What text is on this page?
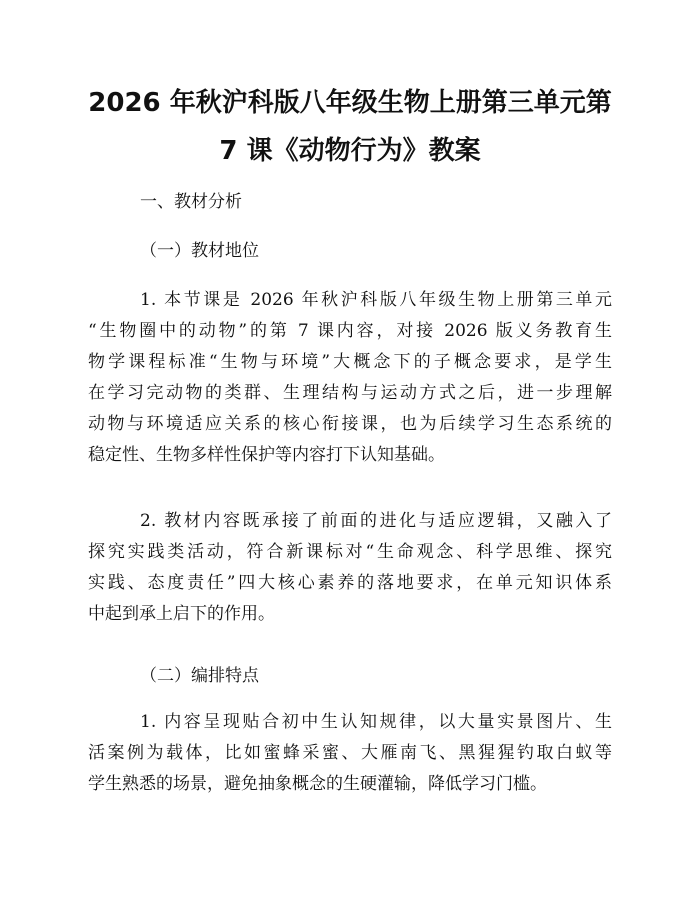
2026 年秋沪科版八年级生物上册第三单元第
7 课《动物行为》教案

一、教材分析

（一）教材地位

1. 本节课是 2026 年秋沪科版八年级生物上册第三单元
“生物圈中的动物”的第 7 课内容，对接 2026 版义务教育生
物学课程标准“生物与环境”大概念下的子概念要求，是学生
在学习完动物的类群、生理结构与运动方式之后，进一步理解
动物与环境适应关系的核心衔接课，也为后续学习生态系统的
稳定性、生物多样性保护等内容打下认知基础。
2. 教材内容既承接了前面的进化与适应逻辑，又融入了
探究实践类活动，符合新课标对“生命观念、科学思维、探究
实践、态度责任”四大核心素养的落地要求，在单元知识体系
中起到承上启下的作用。

（二）编排特点

1. 内容呈现贴合初中生认知规律，以大量实景图片、生
活案例为载体，比如蜜蜂采蜜、大雁南飞、黑猩猩钓取白蚁等
学生熟悉的场景，避免抽象概念的生硬灌输，降低学习门槛。
